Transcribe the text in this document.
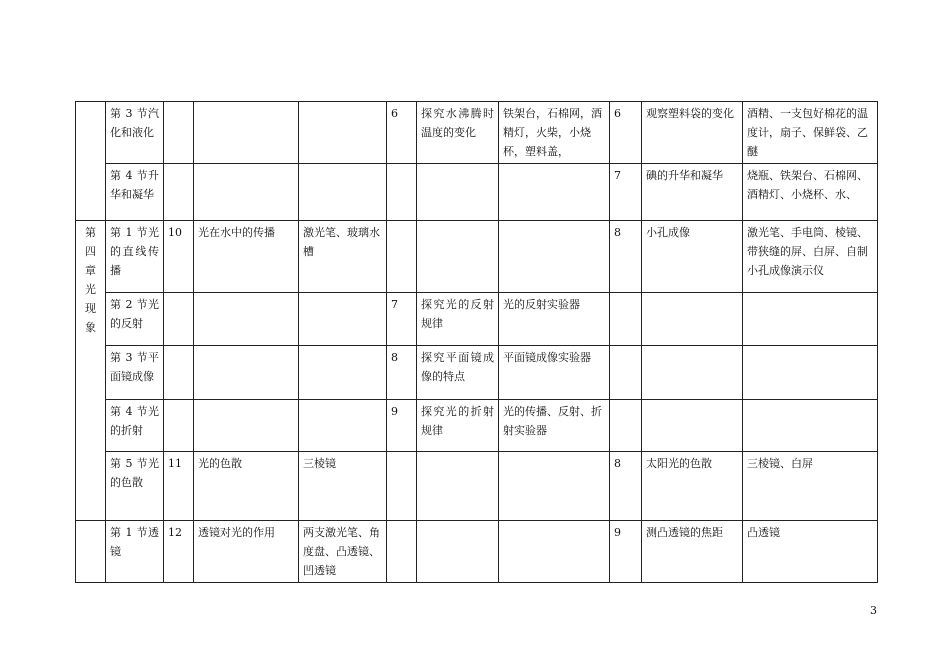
	第 3 节汽化和液化				6	探究水沸腾时温度的变化	铁架台，石棉网，酒精灯，火柴，小烧杯，塑料盖，	6	观察塑料袋的变化	酒精、一支包好棉花的温度计，扇子、保鲜袋、乙醚
	第 4 节升华和凝华							7	碘的升华和凝华	烧瓶、铁架台、石棉网、酒精灯、小烧杯、水、
第四章光现象	第 1 节光的直线传播	10	光在水中的传播	激光笔、玻璃水槽				8	小孔成像	激光笔、手电筒、棱镜、带狭缝的屏、白屏、自制小孔成像演示仪
	第 2 节光的反射				7	探究光的反射规律	光的反射实验器			
	第 3 节平面镜成像				8	探究平面镜成像的特点	平面镜成像实验器			
	第 4 节光的折射				9	探究光的折射规律	光的传播、反射、折射实验器			
	第 5 节光的色散	11	光的色散	三棱镜				8	太阳光的色散	三棱镜、白屏
	第 1 节透镜	12	透镜对光的作用	两支激光笔、角度盘、凸透镜、凹透镜				9	测凸透镜的焦距	凸透镜
3
